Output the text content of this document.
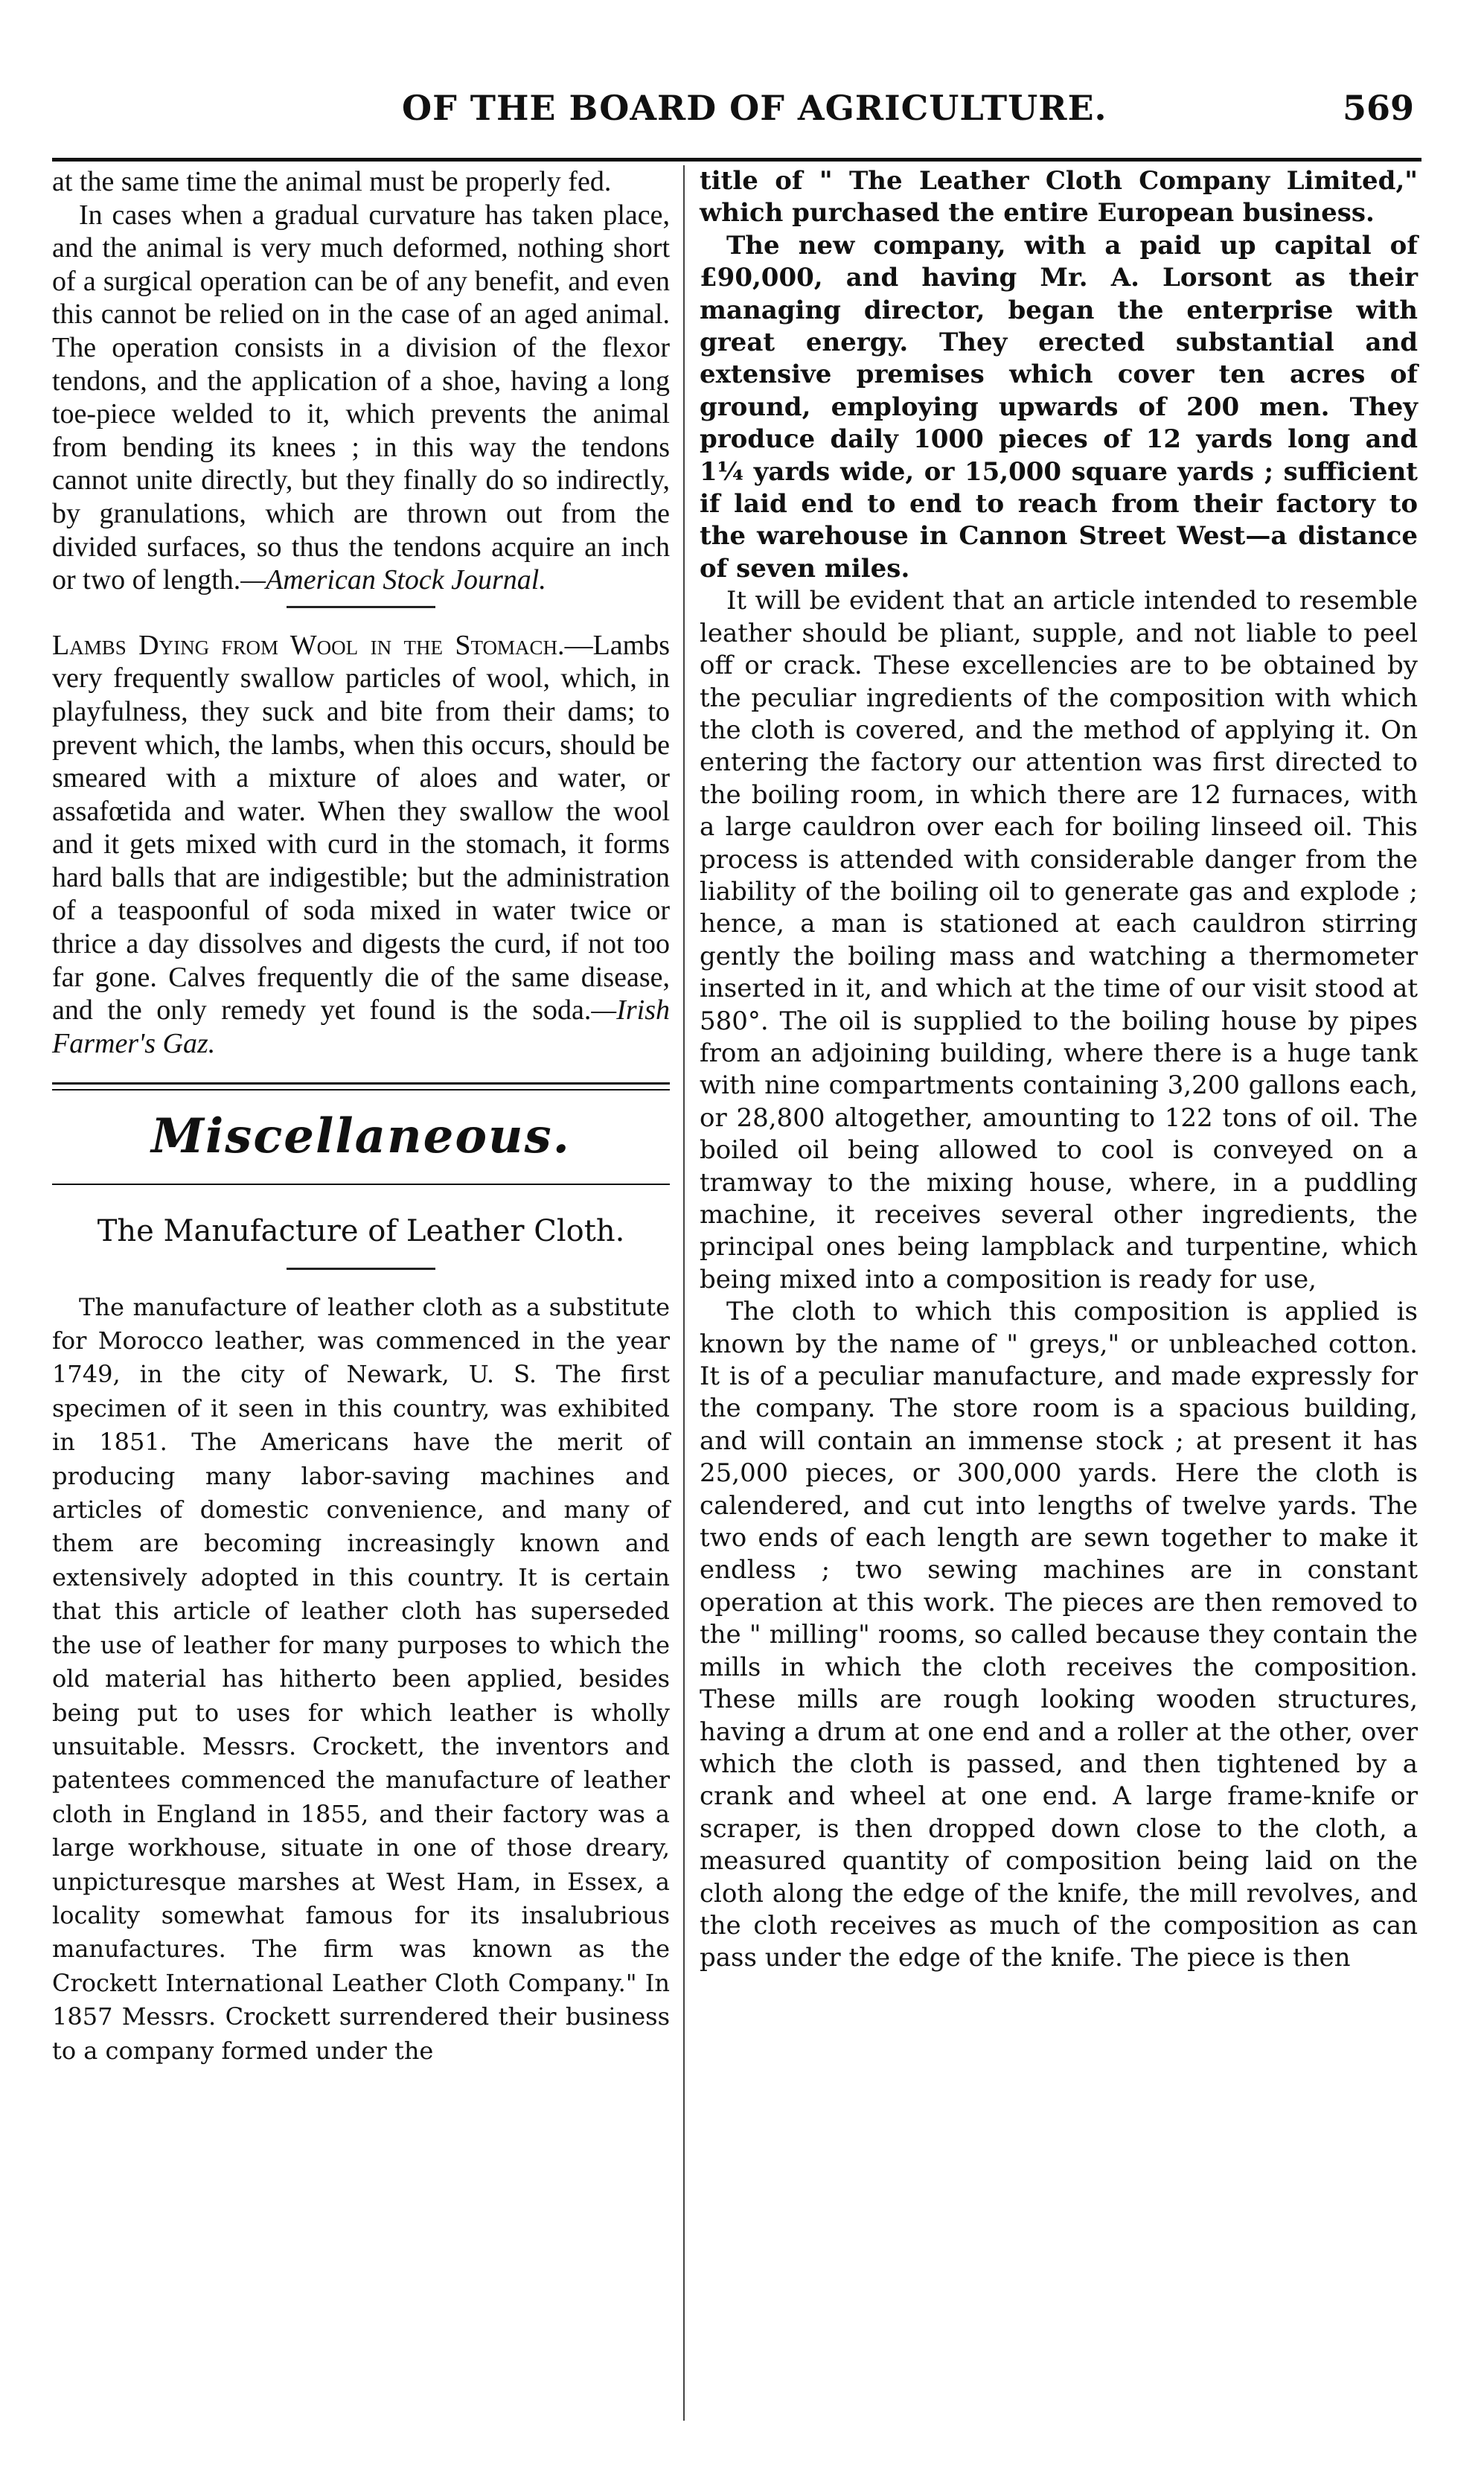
OF THE BOARD OF AGRICULTURE.	569

at the same time the animal must be properly fed.

In cases when a gradual curvature has taken place, and the animal is very much deformed, nothing short of a surgical operation can be of any benefit, and even this cannot be relied on in the case of an aged animal. The operation consists in a division of the flexor tendons, and the application of a shoe, having a long toe-piece welded to it, which prevents the animal from bending its knees ; in this way the tendons cannot unite directly, but they finally do so indirectly, by granulations, which are thrown out from the divided surfaces, so thus the tendons acquire an inch or two of length.—American Stock Journal.

Lambs Dying from Wool in the Stomach.—Lambs very frequently swallow particles of wool, which, in playfulness, they suck and bite from their dams; to prevent which, the lambs, when this occurs, should be smeared with a mixture of aloes and water, or assafœtida and water. When they swallow the wool and it gets mixed with curd in the stomach, it forms hard balls that are indigestible; but the administration of a teaspoonful of soda mixed in water twice or thrice a day dissolves and digests the curd, if not too far gone. Calves frequently die of the same disease, and the only remedy yet found is the soda.—Irish Farmer's Gaz.

Miscellaneous.
The Manufacture of Leather Cloth.

The manufacture of leather cloth as a substitute for Morocco leather, was commenced in the year 1749, in the city of Newark, U. S. The first specimen of it seen in this country, was exhibited in 1851. The Americans have the merit of producing many labor-saving machines and articles of domestic convenience, and many of them are becoming increasingly known and extensively adopted in this country. It is certain that this article of leather cloth has superseded the use of leather for many purposes to which the old material has hitherto been applied, besides being put to uses for which leather is wholly unsuitable. Messrs. Crockett, the inventors and patentees commenced the manufacture of leather cloth in England in 1855, and their factory was a large workhouse, situate in one of those dreary, unpicturesque marshes at West Ham, in Essex, a locality somewhat famous for its insalubrious manufactures. The firm was known as the Crockett International Leather Cloth Company." In 1857 Messrs. Crockett surrendered their business to a company formed under the

title of " The Leather Cloth Company Limited," which purchased the entire European business.

The new company, with a paid up capital of £90,000, and having Mr. A. Lorsont as their managing director, began the enterprise with great energy. They erected substantial and extensive premises which cover ten acres of ground, employing upwards of 200 men. They produce daily 1000 pieces of 12 yards long and 1¼ yards wide, or 15,000 square yards ; sufficient if laid end to end to reach from their factory to the warehouse in Cannon Street West—a distance of seven miles.

It will be evident that an article intended to resemble leather should be pliant, supple, and not liable to peel off or crack. These excellencies are to be obtained by the peculiar ingredients of the composition with which the cloth is covered, and the method of applying it. On entering the factory our attention was first directed to the boiling room, in which there are 12 furnaces, with a large cauldron over each for boiling linseed oil. This process is attended with considerable danger from the liability of the boiling oil to generate gas and explode ; hence, a man is stationed at each cauldron stirring gently the boiling mass and watching a thermometer inserted in it, and which at the time of our visit stood at 580°. The oil is supplied to the boiling house by pipes from an adjoining building, where there is a huge tank with nine compartments containing 3,200 gallons each, or 28,800 altogether, amounting to 122 tons of oil. The boiled oil being allowed to cool is conveyed on a tramway to the mixing house, where, in a puddling machine, it receives several other ingredients, the principal ones being lampblack and turpentine, which being mixed into a composition is ready for use,

The cloth to which this composition is applied is known by the name of " greys," or unbleached cotton. It is of a peculiar manufacture, and made expressly for the company. The store room is a spacious building, and will contain an immense stock ; at present it has 25,000 pieces, or 300,000 yards. Here the cloth is calendered, and cut into lengths of twelve yards. The two ends of each length are sewn together to make it endless ; two sewing machines are in constant operation at this work. The pieces are then removed to the " milling" rooms, so called because they contain the mills in which the cloth receives the composition. These mills are rough looking wooden structures, having a drum at one end and a roller at the other, over which the cloth is passed, and then tightened by a crank and wheel at one end. A large frame-knife or scraper, is then dropped down close to the cloth, a measured quantity of composition being laid on the cloth along the edge of the knife, the mill revolves, and the cloth receives as much of the composition as can pass under the edge of the knife. The piece is then
